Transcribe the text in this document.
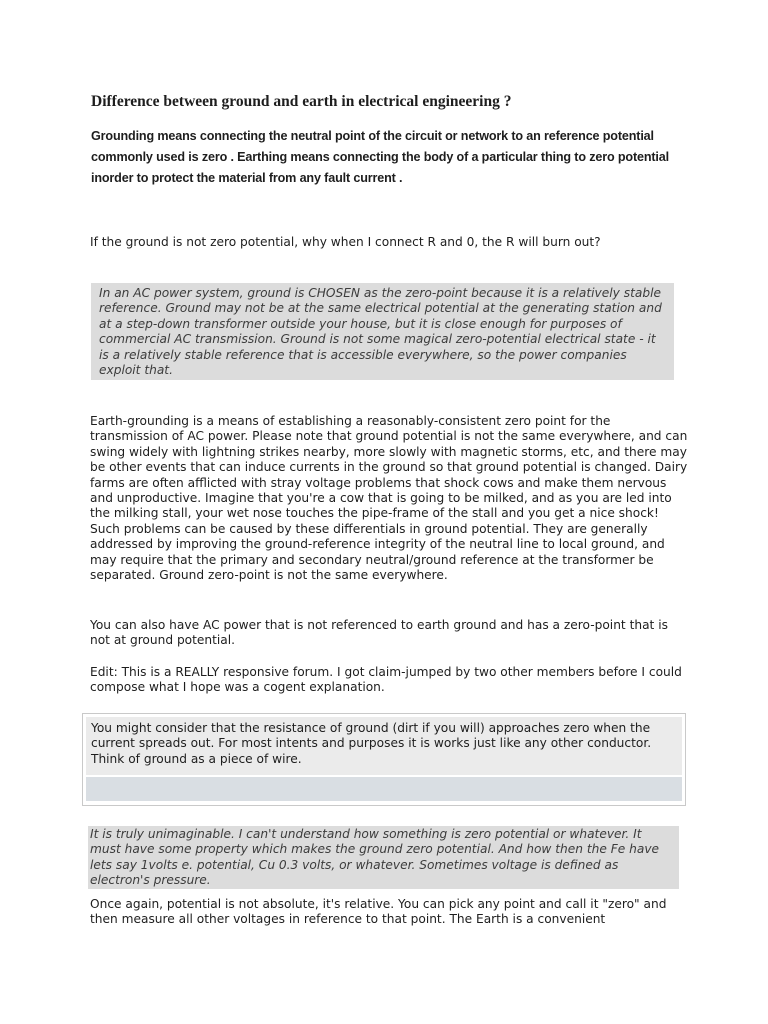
Difference between ground and earth in electrical engineering ?

Grounding means connecting the neutral point of the circuit or network to an reference potential commonly used is zero . Earthing means connecting the body of a particular thing to zero potential inorder to protect the material from any fault current .

If the ground is not zero potential, why when I connect R and 0, the R will burn out?

In an AC power system, ground is CHOSEN as the zero-point because it is a relatively stable reference. Ground may not be at the same electrical potential at the generating station and at a step-down transformer outside your house, but it is close enough for purposes of commercial AC transmission. Ground is not some magical zero-potential electrical state - it is a relatively stable reference that is accessible everywhere, so the power companies exploit that.

Earth-grounding is a means of establishing a reasonably-consistent zero point for the transmission of AC power. Please note that ground potential is not the same everywhere, and can swing widely with lightning strikes nearby, more slowly with magnetic storms, etc, and there may be other events that can induce currents in the ground so that ground potential is changed. Dairy farms are often afflicted with stray voltage problems that shock cows and make them nervous and unproductive. Imagine that you're a cow that is going to be milked, and as you are led into the milking stall, your wet nose touches the pipe-frame of the stall and you get a nice shock! Such problems can be caused by these differentials in ground potential. They are generally addressed by improving the ground-reference integrity of the neutral line to local ground, and may require that the primary and secondary neutral/ground reference at the transformer be separated. Ground zero-point is not the same everywhere.

You can also have AC power that is not referenced to earth ground and has a zero-point that is not at ground potential.

Edit: This is a REALLY responsive forum. I got claim-jumped by two other members before I could compose what I hope was a cogent explanation.

You might consider that the resistance of ground (dirt if you will) approaches zero when the current spreads out. For most intents and purposes it is works just like any other conductor. Think of ground as a piece of wire.

It is truly unimaginable. I can't understand how something is zero potential or whatever. It must have some property which makes the ground zero potential. And how then the Fe have lets say 1volts e. potential, Cu 0.3 volts, or whatever. Sometimes voltage is defined as electron's pressure.

Once again, potential is not absolute, it's relative. You can pick any point and call it "zero" and then measure all other voltages in reference to that point. The Earth is a convenient
